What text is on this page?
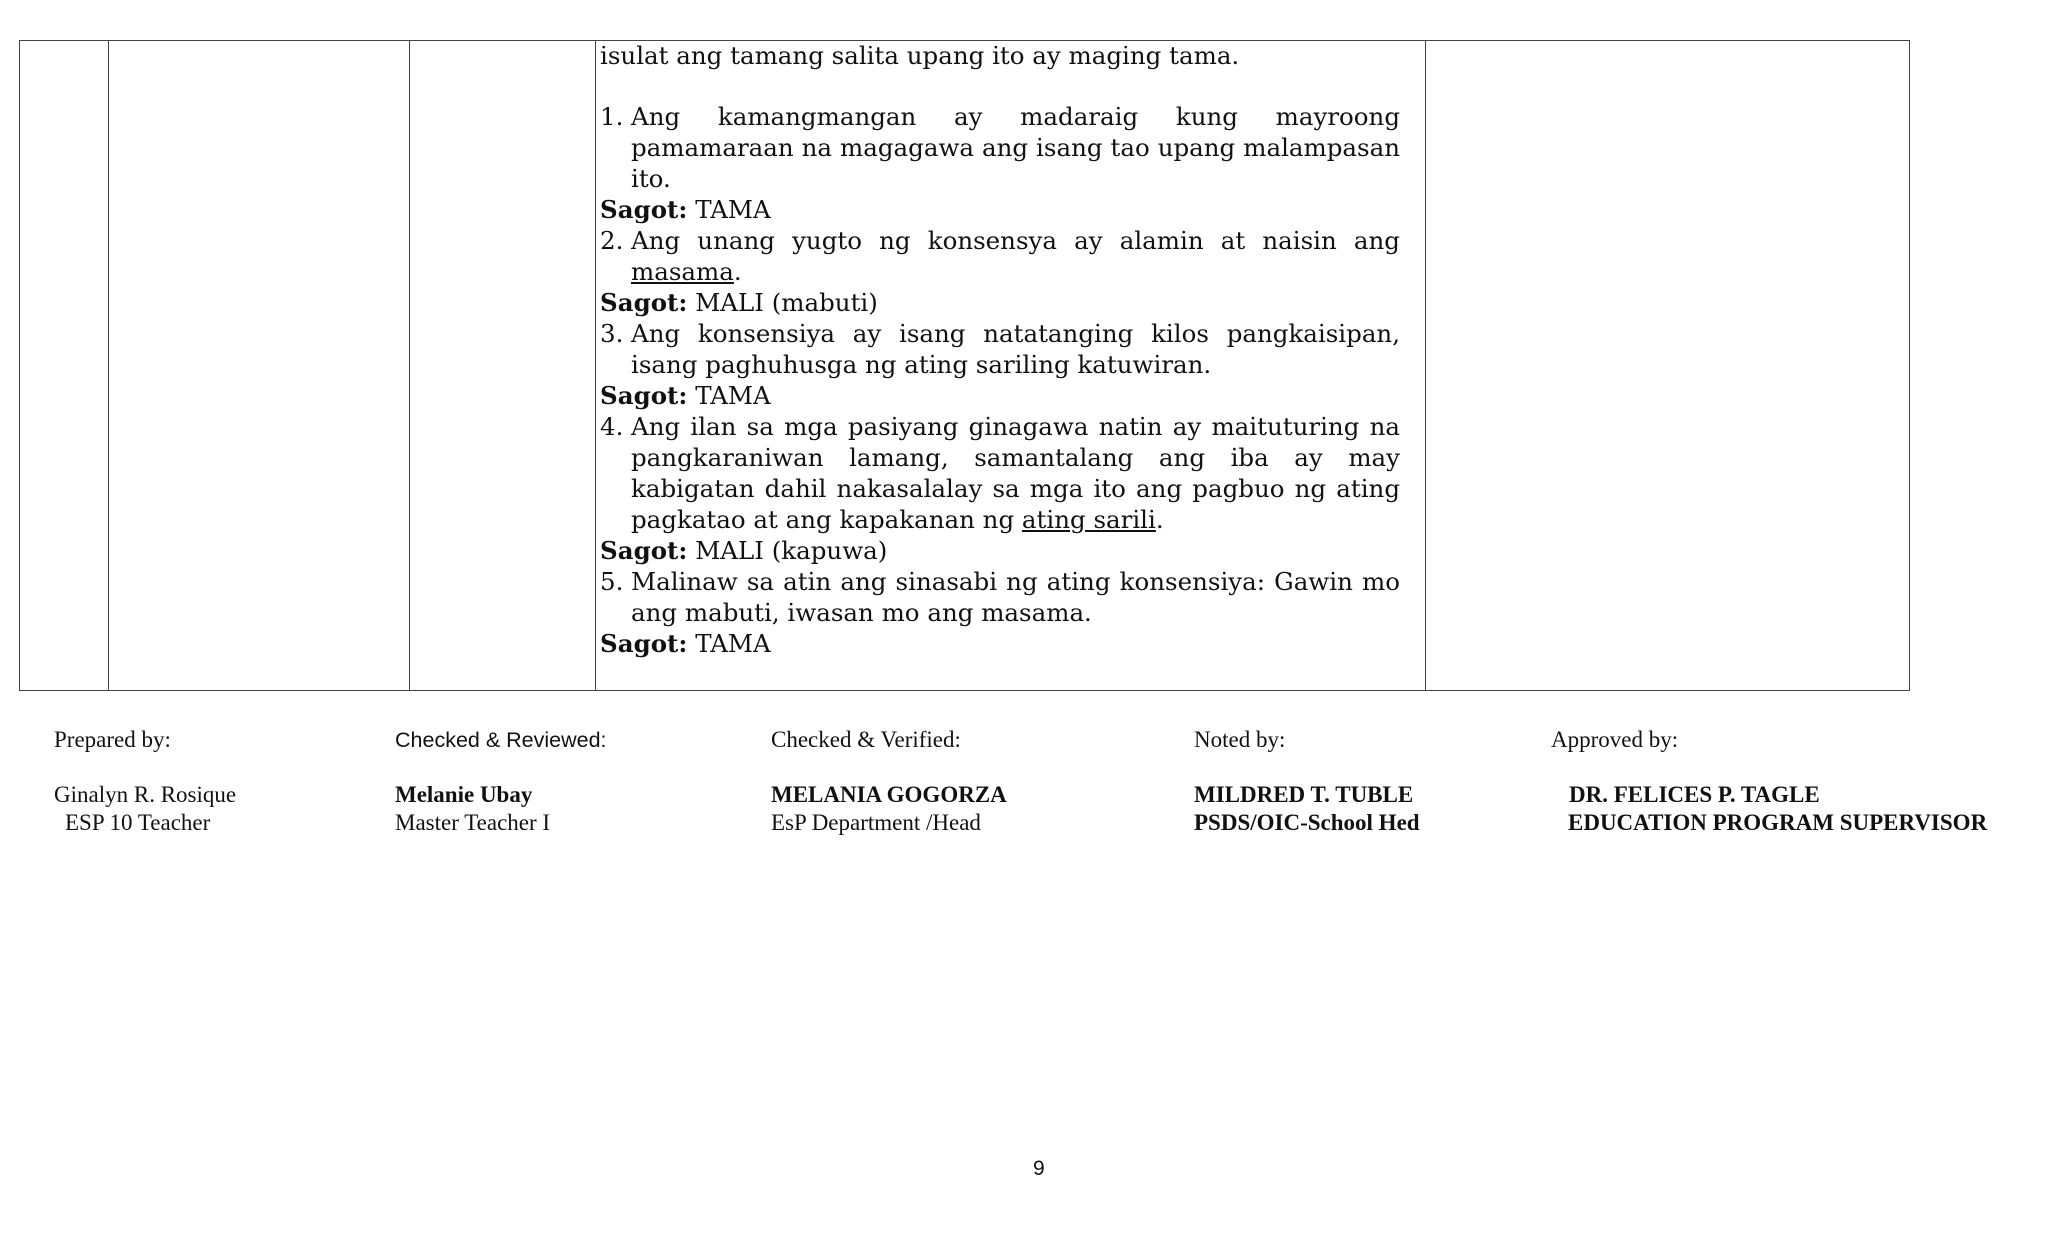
isulat ang tamang salita upang ito ay maging tama.
1. Ang kamangmangan ay madaraig kung mayroong pamamaraan na magagawa ang isang tao upang malampasan ito.
Sagot: TAMA
2. Ang unang yugto ng konsensya ay alamin at naisin ang masama.
Sagot: MALI (mabuti)
3. Ang konsensiya ay isang natatanging kilos pangkaisipan, isang paghuhusga ng ating sariling katuwiran.
Sagot: TAMA
4. Ang ilan sa mga pasiyang ginagawa natin ay maituturing na pangkaraniwan lamang, samantalang ang iba ay may kabigatan dahil nakasalalay sa mga ito ang pagbuo ng ating pagkatao at ang kapakanan ng ating sarili.
Sagot: MALI (kapuwa)
5. Malinaw sa atin ang sinasabi ng ating konsensiya: Gawin mo ang mabuti, iwasan mo ang masama.
Sagot: TAMA
Prepared by:
Ginalyn R. Rosique
ESP 10 Teacher
Checked & Reviewed:
Melanie Ubay
Master Teacher I
Checked & Verified:
MELANIA GOGORZA
EsP Department /Head
Noted by:
MILDRED T. TUBLE
PSDS/OIC-School Hed
Approved by:
DR. FELICES P. TAGLE
EDUCATION PROGRAM SUPERVISOR
9
